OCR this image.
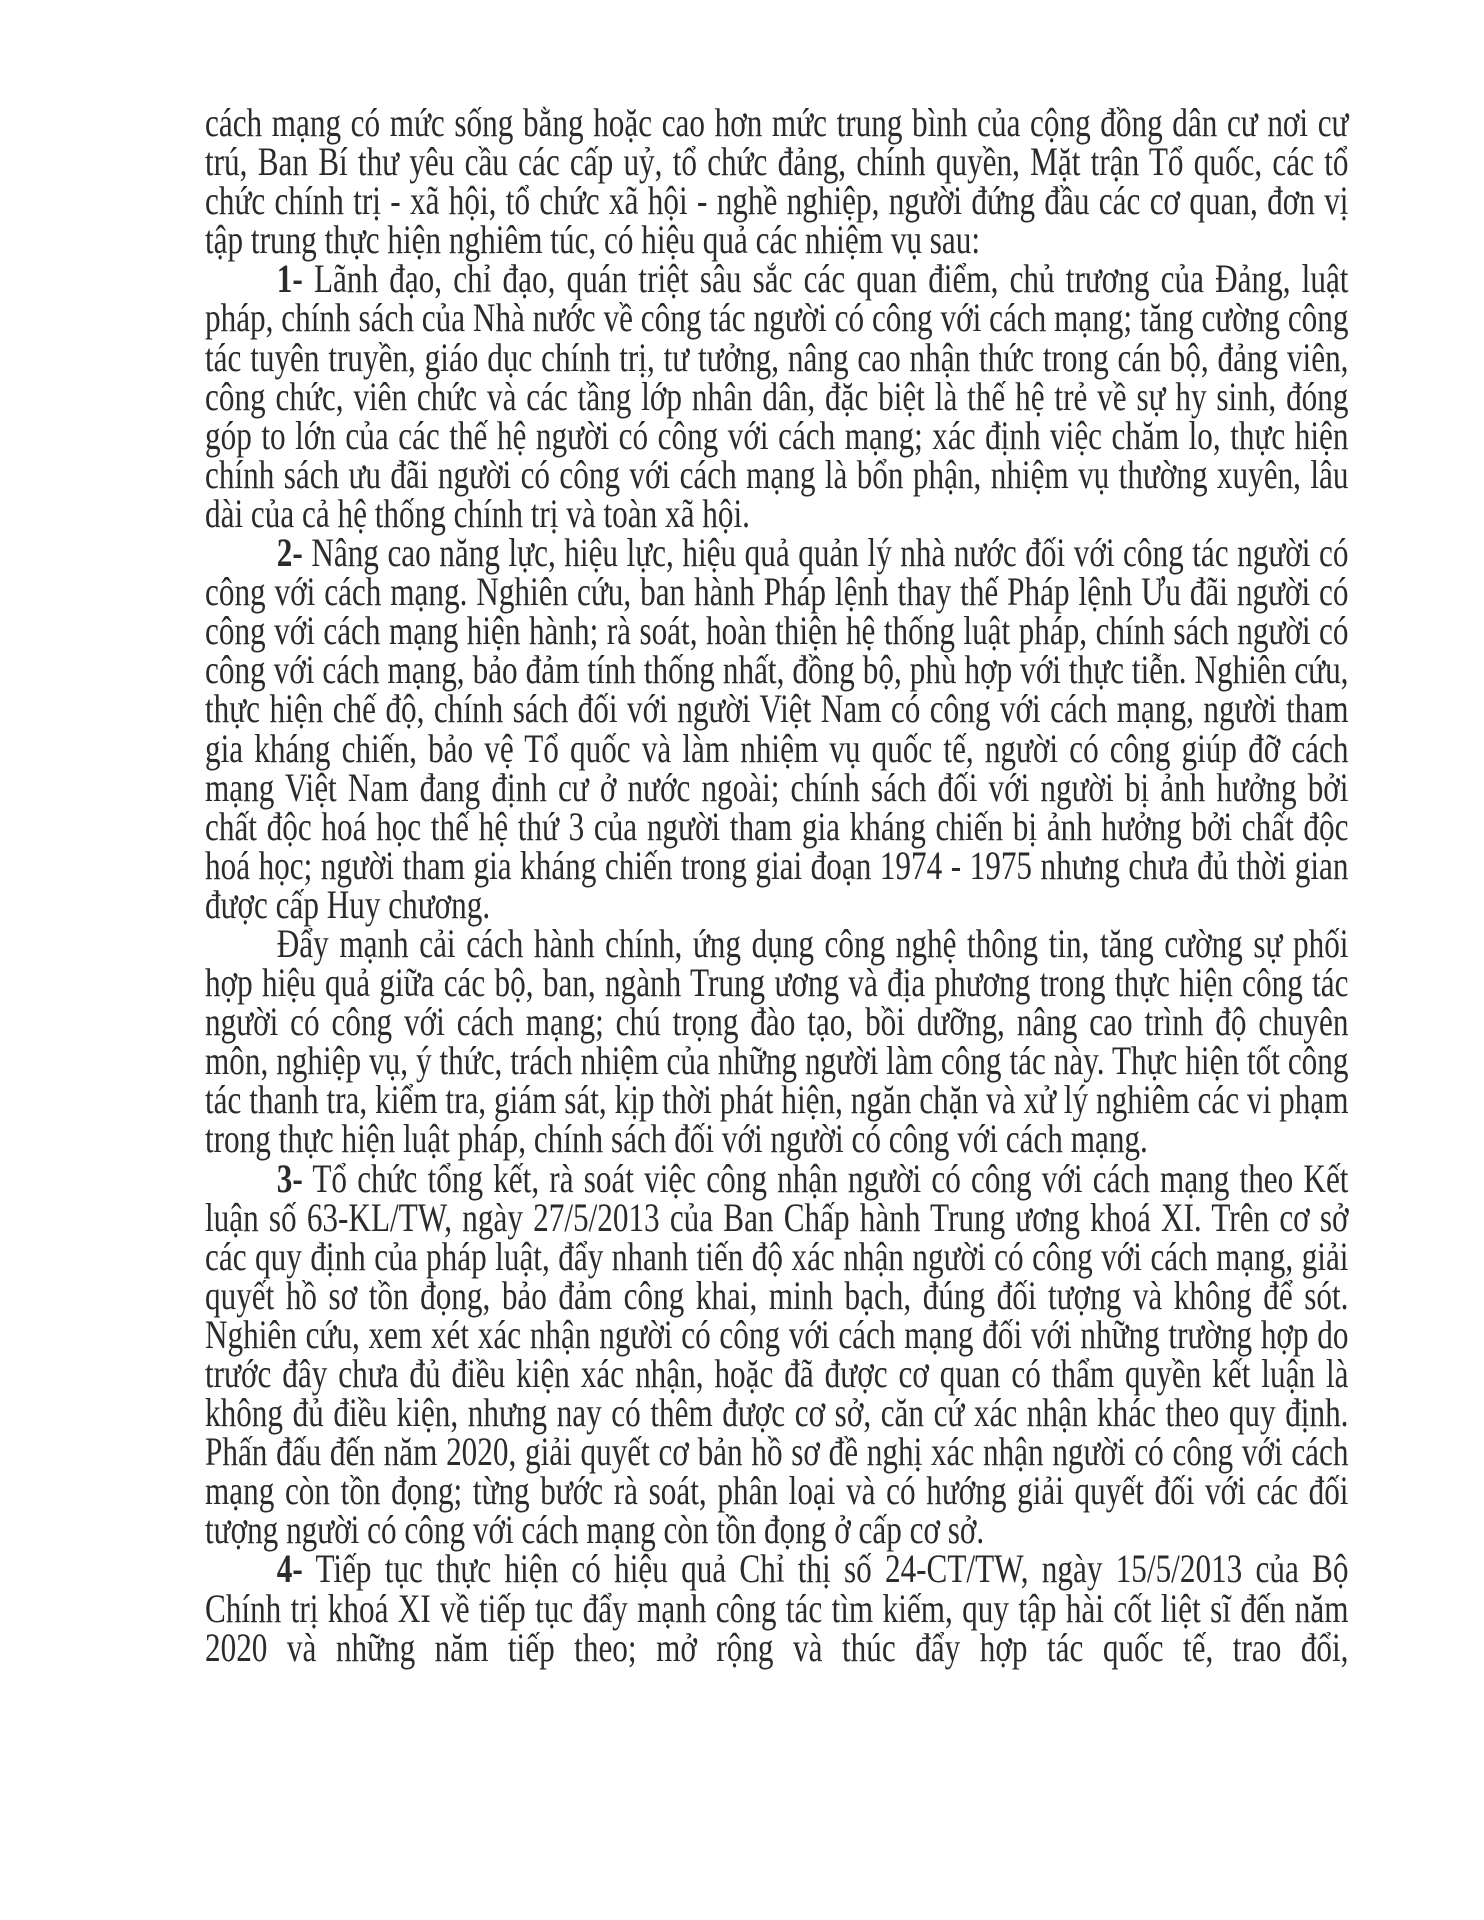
cách mạng có mức sống bằng hoặc cao hơn mức trung bình của cộng đồng dân cư nơi cư trú, Ban Bí thư yêu cầu các cấp uỷ, tổ chức đảng, chính quyền, Mặt trận Tổ quốc, các tổ chức chính trị - xã hội, tổ chức xã hội - nghề nghiệp, người đứng đầu các cơ quan, đơn vị tập trung thực hiện nghiêm túc, có hiệu quả các nhiệm vụ sau:

1- Lãnh đạo, chỉ đạo, quán triệt sâu sắc các quan điểm, chủ trương của Đảng, luật pháp, chính sách của Nhà nước về công tác người có công với cách mạng; tăng cường công tác tuyên truyền, giáo dục chính trị, tư tưởng, nâng cao nhận thức trong cán bộ, đảng viên, công chức, viên chức và các tầng lớp nhân dân, đặc biệt là thế hệ trẻ về sự hy sinh, đóng góp to lớn của các thế hệ người có công với cách mạng; xác định việc chăm lo, thực hiện chính sách ưu đãi người có công với cách mạng là bổn phận, nhiệm vụ thường xuyên, lâu dài của cả hệ thống chính trị và toàn xã hội.

2- Nâng cao năng lực, hiệu lực, hiệu quả quản lý nhà nước đối với công tác người có công với cách mạng. Nghiên cứu, ban hành Pháp lệnh thay thế Pháp lệnh Ưu đãi người có công với cách mạng hiện hành; rà soát, hoàn thiện hệ thống luật pháp, chính sách người có công với cách mạng, bảo đảm tính thống nhất, đồng bộ, phù hợp với thực tiễn. Nghiên cứu, thực hiện chế độ, chính sách đối với người Việt Nam có công với cách mạng, người tham gia kháng chiến, bảo vệ Tổ quốc và làm nhiệm vụ quốc tế, người có công giúp đỡ cách mạng Việt Nam đang định cư ở nước ngoài; chính sách đối với người bị ảnh hưởng bởi chất độc hoá học thế hệ thứ 3 của người tham gia kháng chiến bị ảnh hưởng bởi chất độc hoá học; người tham gia kháng chiến trong giai đoạn 1974 - 1975 nhưng chưa đủ thời gian được cấp Huy chương.

Đẩy mạnh cải cách hành chính, ứng dụng công nghệ thông tin, tăng cường sự phối hợp hiệu quả giữa các bộ, ban, ngành Trung ương và địa phương trong thực hiện công tác người có công với cách mạng; chú trọng đào tạo, bồi dưỡng, nâng cao trình độ chuyên môn, nghiệp vụ, ý thức, trách nhiệm của những người làm công tác này. Thực hiện tốt công tác thanh tra, kiểm tra, giám sát, kịp thời phát hiện, ngăn chặn và xử lý nghiêm các vi phạm trong thực hiện luật pháp, chính sách đối với người có công với cách mạng.

3- Tổ chức tổng kết, rà soát việc công nhận người có công với cách mạng theo Kết luận số 63-KL/TW, ngày 27/5/2013 của Ban Chấp hành Trung ương khoá XI. Trên cơ sở các quy định của pháp luật, đẩy nhanh tiến độ xác nhận người có công với cách mạng, giải quyết hồ sơ tồn đọng, bảo đảm công khai, minh bạch, đúng đối tượng và không để sót. Nghiên cứu, xem xét xác nhận người có công với cách mạng đối với những trường hợp do trước đây chưa đủ điều kiện xác nhận, hoặc đã được cơ quan có thẩm quyền kết luận là không đủ điều kiện, nhưng nay có thêm được cơ sở, căn cứ xác nhận khác theo quy định. Phấn đấu đến năm 2020, giải quyết cơ bản hồ sơ đề nghị xác nhận người có công với cách mạng còn tồn đọng; từng bước rà soát, phân loại và có hướng giải quyết đối với các đối tượng người có công với cách mạng còn tồn đọng ở cấp cơ sở.

4- Tiếp tục thực hiện có hiệu quả Chỉ thị số 24-CT/TW, ngày 15/5/2013 của Bộ Chính trị khoá XI về tiếp tục đẩy mạnh công tác tìm kiếm, quy tập hài cốt liệt sĩ đến năm 2020 và những năm tiếp theo; mở rộng và thúc đẩy hợp tác quốc tế, trao đổi,
